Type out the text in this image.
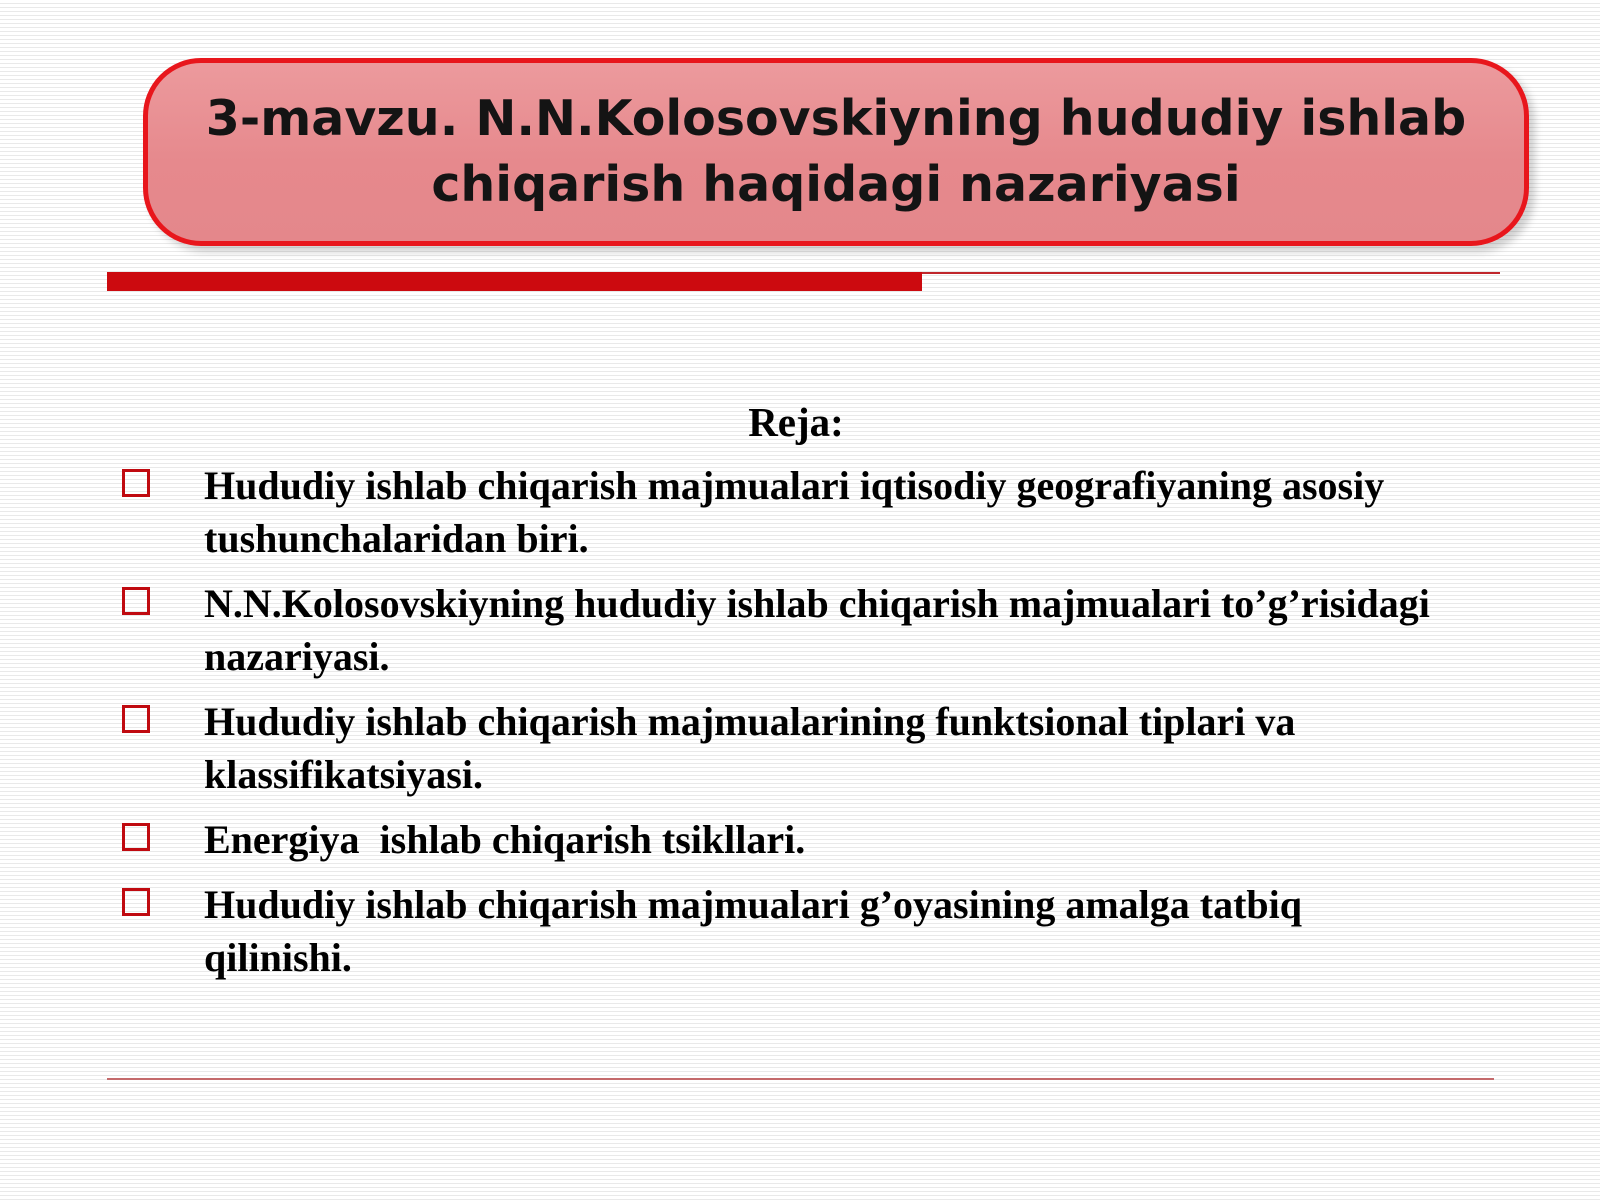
3-mavzu. N.N.Kolosovskiyning hududiy ishlab
chiqarish haqidagi nazariyasi
Reja:
Hududiy ishlab chiqarish majmualari iqtisodiy geografiyaning asosiy tushunchalaridan biri.
N.N.Kolosovskiyning hududiy ishlab chiqarish majmualari to’g’risidagi nazariyasi.
Hududiy ishlab chiqarish majmualarining funktsional tiplari va klassifikatsiyasi.
Energiya  ishlab chiqarish tsikllari.
Hududiy ishlab chiqarish majmualari g’oyasining amalga tatbiq qilinishi.
